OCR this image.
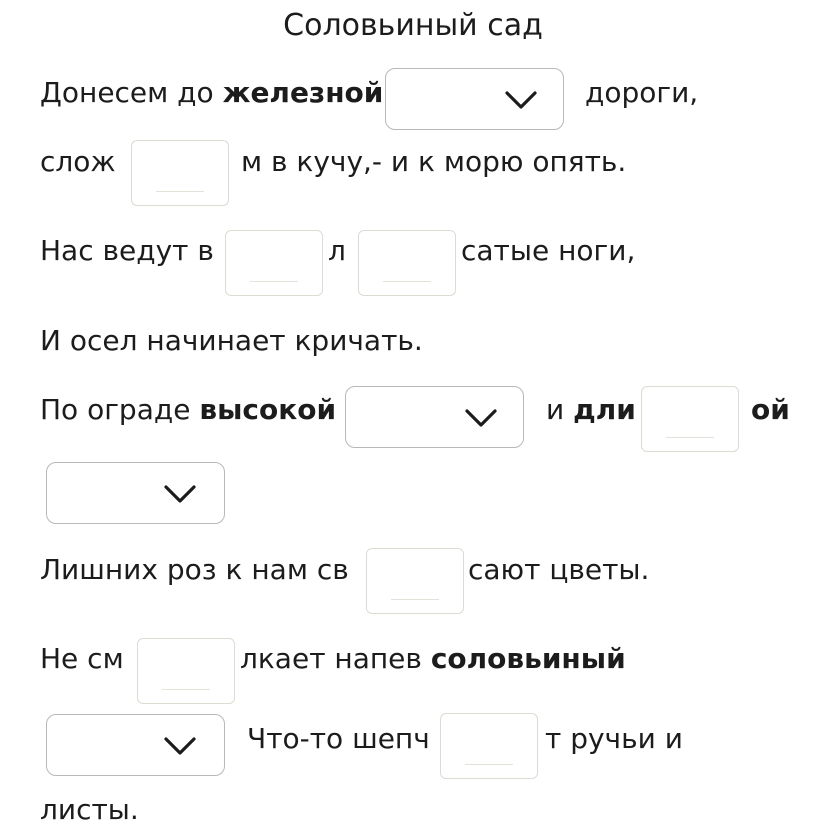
Соловьиный сад
Донесем до железной	дороги,
слож	м в кучу,- и к морю опять.
Нас ведут в	л	сатые ноги,
И осел начинает кричать.
По ограде высокой	и дли	ой
Лишних роз к нам св	сают цветы.
Не см	лкает напев соловьиный
Что-то шепч	т ручьи и
листы.
